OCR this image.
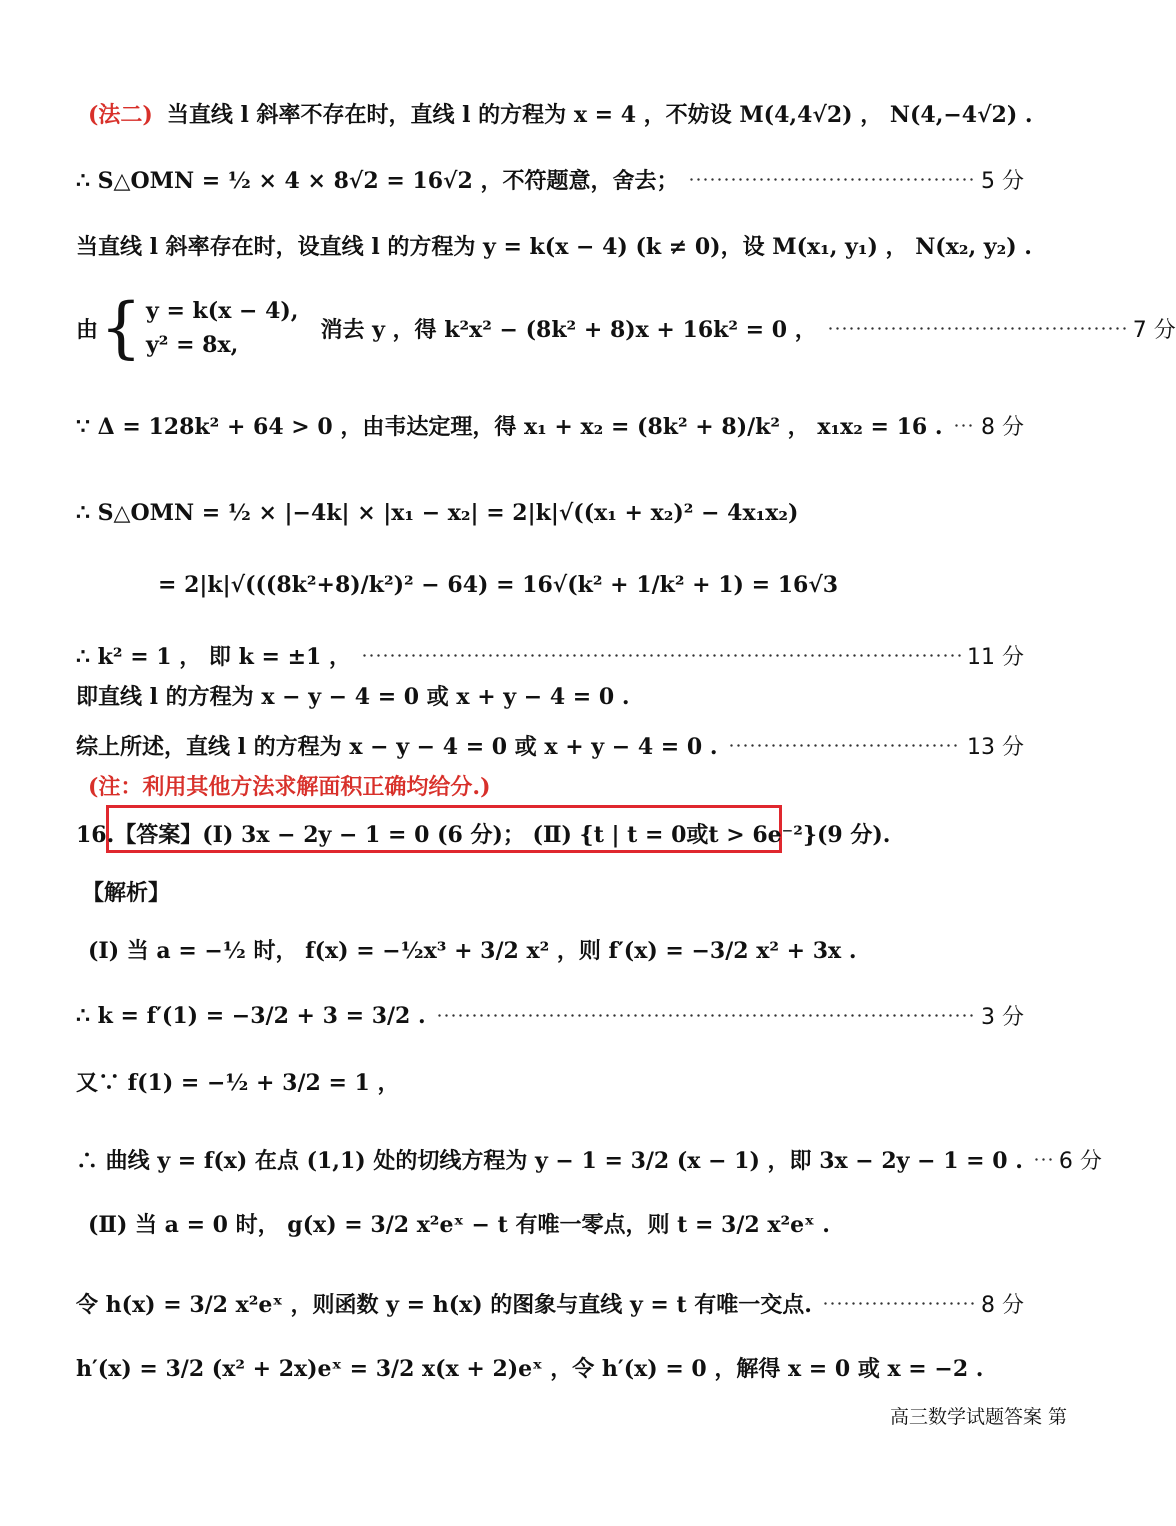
(法二) 当直线 l 斜率不存在时，直线 l 的方程为 x = 4 ，不妨设 M(4,4√2) ， N(4,−4√2) .
∴ S△OMN = ½ × 4 × 8√2 = 16√2 ，不符题意，舍去；	5 分
当直线 l 斜率存在时，设直线 l 的方程为 y = k(x − 4) (k ≠ 0)，设 M(x₁, y₁) ， N(x₂, y₂) .
由 { y = k(x − 4),
y² = 8x,
消去 y ，得 k²x² − (8k² + 8)x + 16k² = 0 ，	7 分
∵ Δ = 128k² + 64 > 0 ，由韦达定理，得 x₁ + x₂ = (8k² + 8)/k² ， x₁x₂ = 16 . 8 分
∴ S△OMN = ½ × |−4k| × |x₁ − x₂| = 2|k|√((x₁ + x₂)² − 4x₁x₂)
= 2|k|√(((8k²+8)/k²)² − 64) = 16√(k² + 1/k² + 1) = 16√3
∴ k² = 1 ， 即 k = ±1 ，	11 分
即直线 l 的方程为 x − y − 4 = 0 或 x + y − 4 = 0 .
综上所述，直线 l 的方程为 x − y − 4 = 0 或 x + y − 4 = 0 .	13 分
(注：利用其他方法求解面积正确均给分.)
16.【答案】(Ⅰ) 3x − 2y − 1 = 0 (6 分)； (Ⅱ) {t | t = 0或t > 6e⁻²}(9 分).
【解析】
(Ⅰ) 当 a = −½ 时， f(x) = −½x³ + 3/2 x² ，则 f′(x) = −3/2 x² + 3x .
∴ k = f′(1) = −3/2 + 3 = 3/2 .	3 分
又∵ f(1) = −½ + 3/2 = 1 ，
∴ 曲线 y = f(x) 在点 (1,1) 处的切线方程为 y − 1 = 3/2 (x − 1) ，即 3x − 2y − 1 = 0 . 6 分
(Ⅱ) 当 a = 0 时， g(x) = 3/2 x²eˣ − t 有唯一零点，则 t = 3/2 x²eˣ .
令 h(x) = 3/2 x²eˣ ，则函数 y = h(x) 的图象与直线 y = t 有唯一交点.	8 分
h′(x) = 3/2 (x² + 2x)eˣ = 3/2 x(x + 2)eˣ ，令 h′(x) = 0 ，解得 x = 0 或 x = −2 .
高三数学试题答案 第
